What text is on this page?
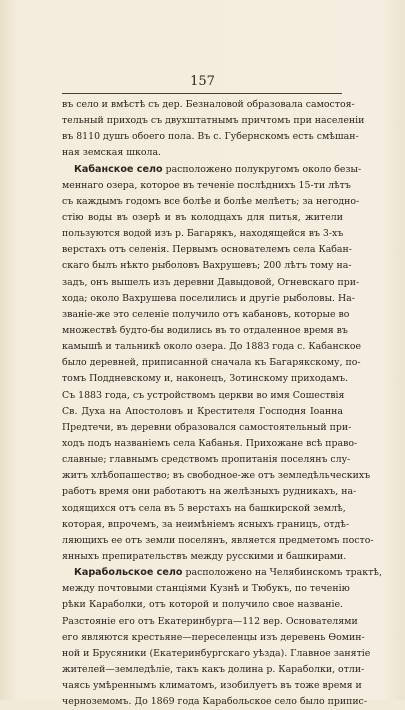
157
въ село и вмѣстѣ съ дер. Безналовой образовала самостоя-
тельный приходъ съ двухштатнымъ причтомъ при населеніи
въ 8110 душъ обоего пола. Въ с. Губернскомъ есть смѣшан-
ная земская школа.
Кабанское село расположено полукругомъ около безы-
меннаго озера, которое въ теченіе послѣднихъ 15-ти лѣтъ
съ каждымъ годомъ все болѣе и болѣе мелѣетъ; за негодно-
стію воды въ озерѣ и въ колодцахъ для питья, жители
пользуются водой изъ р. Багарякъ, находящейся въ 3-хъ
верстахъ отъ селенія. Первымъ основателемъ села Кабан-
скаго былъ нѣкто рыболовъ Вахрушевъ; 200 лѣтъ тому на-
задъ, онъ вышелъ изъ деревни Давыдовой, Огневскаго при-
хода; около Вахрушева поселились и другіе рыболовы. На-
званіе-же это селеніе получило отъ кабановъ, которые во
множествѣ будто-бы водились въ то отдаленное время въ
камышѣ и тальникѣ около озера. До 1883 года с. Кабанское
было деревней, приписанной сначала къ Багарякскому, по-
томъ Поддневскому и, наконецъ, Зотинскому приходамъ.
Съ 1883 года, съ устройствомъ церкви во имя Сошествія
Св. Духа на Апостоловъ и Крестителя Господня Іоанна
Предтечи, въ деревни образовался самостоятельный при-
ходъ подъ названіемъ села Кабанья. Прихожане всѣ право-
славные; главнымъ средствомъ пропитанія поселянъ слу-
житъ хлѣбопашество; въ свободное-же отъ земледѣльческихъ
работъ время они работаютъ на желѣзныхъ рудникахъ, на-
ходящихся отъ села въ 5 верстахъ на башкирской землѣ,
которая, впрочемъ, за неимѣніемъ ясныхъ границъ, отдѣ-
ляющихъ ее отъ земли поселянъ, является предметомъ посто-
янныхъ препирательствъ между русскими и башкирами.
Карабольское село расположено на Челябинскомъ трактѣ,
между почтовыми станціями Кузнѣ и Тюбукъ, по теченію
рѣки Караболки, отъ которой и получило свое названіе.
Разстояніе его отъ Екатеринбурга—112 вер. Основателями
его являются крестьяне—переселенцы изъ деревень Ѳомин-
ной и Брусяники (Екатеринбургскаго уѣзда). Главное занятіе
жителей—земледѣліе, такъ какъ долина р. Караболки, отли-
чаясь умѣреннымъ климатомъ, изобилуетъ въ тоже время и
черноземомъ. До 1869 года Карабольское село было припис-
